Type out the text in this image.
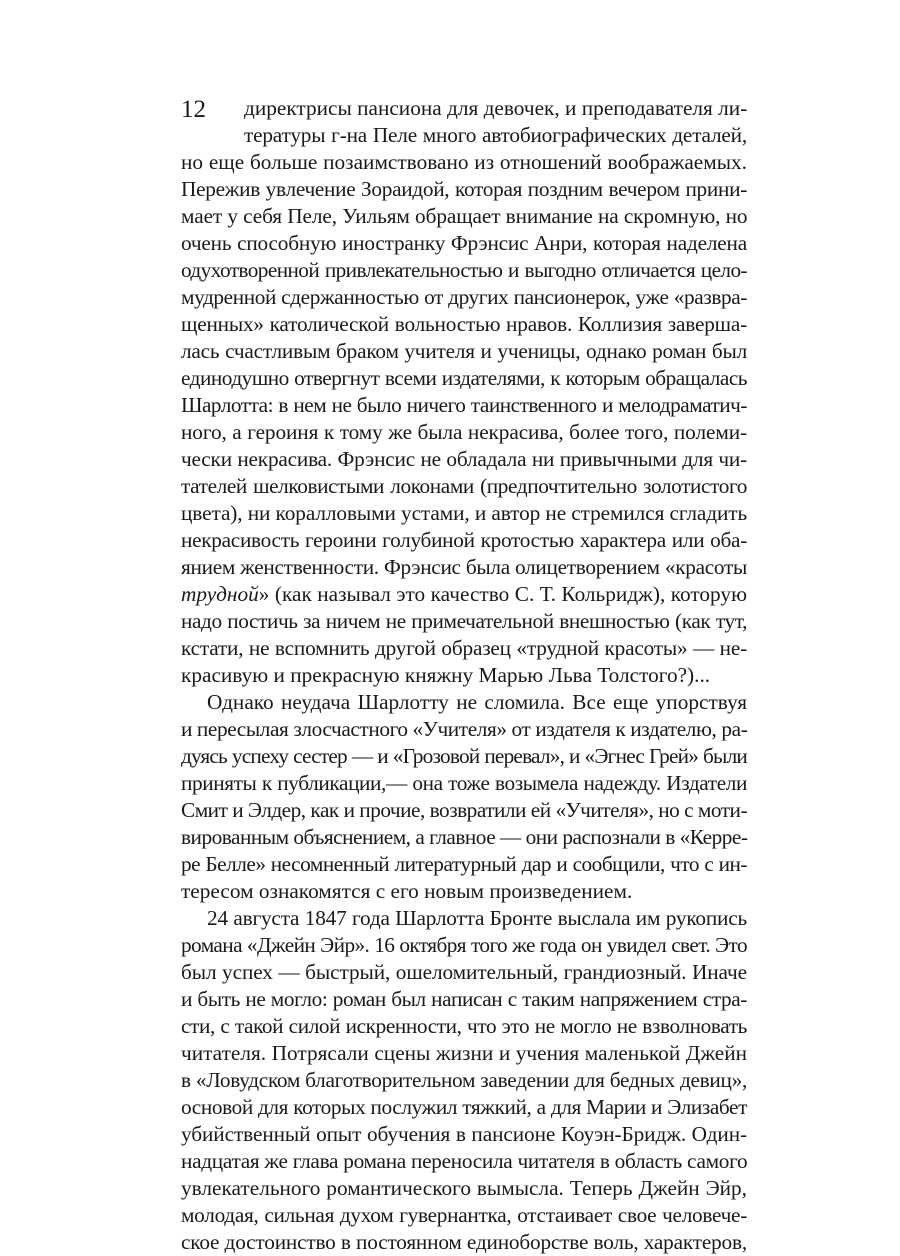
12	директрисы пансиона для девочек, и преподавателя ли-
тературы г-на Пеле много автобиографических деталей,
но еще больше позаимствовано из отношений воображаемых.
Пережив увлечение Зораидой, которая поздним вечером прини-
мает у себя Пеле, Уильям обращает внимание на скромную, но
очень способную иностранку Фрэнсис Анри, которая наделена
одухотворенной привлекательностью и выгодно отличается цело-
мудренной сдержанностью от других пансионерок, уже «развра-
щенных» католической вольностью нравов. Коллизия заверша-
лась счастливым браком учителя и ученицы, однако роман был
единодушно отвергнут всеми издателями, к которым обращалась
Шарлотта: в нем не было ничего таинственного и мелодраматич-
ного, а героиня к тому же была некрасива, более того, полеми-
чески некрасива. Фрэнсис не обладала ни привычными для чи-
тателей шелковистыми локонами (предпочтительно золотистого
цвета), ни коралловыми устами, и автор не стремился сгладить
некрасивость героини голубиной кротостью характера или оба-
янием женственности. Фрэнсис была олицетворением «красоты
трудной» (как называл это качество С. Т. Кольридж), которую
надо постичь за ничем не примечательной внешностью (как тут,
кстати, не вспомнить другой образец «трудной красоты» — не-
красивую и прекрасную княжну Марью Льва Толстого?)...
Однако неудача Шарлотту не сломила. Все еще упорствуя
и пересылая злосчастного «Учителя» от издателя к издателю, ра-
дуясь успеху сестер — и «Грозовой перевал», и «Эгнес Грей» были
приняты к публикации,— она тоже возымела надежду. Издатели
Смит и Элдер, как и прочие, возвратили ей «Учителя», но с моти-
вированным объяснением, а главное — они распознали в «Керре-
ре Белле» несомненный литературный дар и сообщили, что с ин-
тересом ознакомятся с его новым произведением.
24 августа 1847 года Шарлотта Бронте выслала им рукопись
романа «Джейн Эйр». 16 октября того же года он увидел свет. Это
был успех — быстрый, ошеломительный, грандиозный. Иначе
и быть не могло: роман был написан с таким напряжением стра-
сти, с такой силой искренности, что это не могло не взволновать
читателя. Потрясали сцены жизни и учения маленькой Джейн
в «Ловудском благотворительном заведении для бедных девиц»,
основой для которых послужил тяжкий, а для Марии и Элизабет
убийственный опыт обучения в пансионе Коуэн-Бридж. Один-
надцатая же глава романа переносила читателя в область самого
увлекательного романтического вымысла. Теперь Джейн Эйр,
молодая, сильная духом гувернантка, отстаивает свое человече-
ское достоинство в постоянном единоборстве воль, характеров,
